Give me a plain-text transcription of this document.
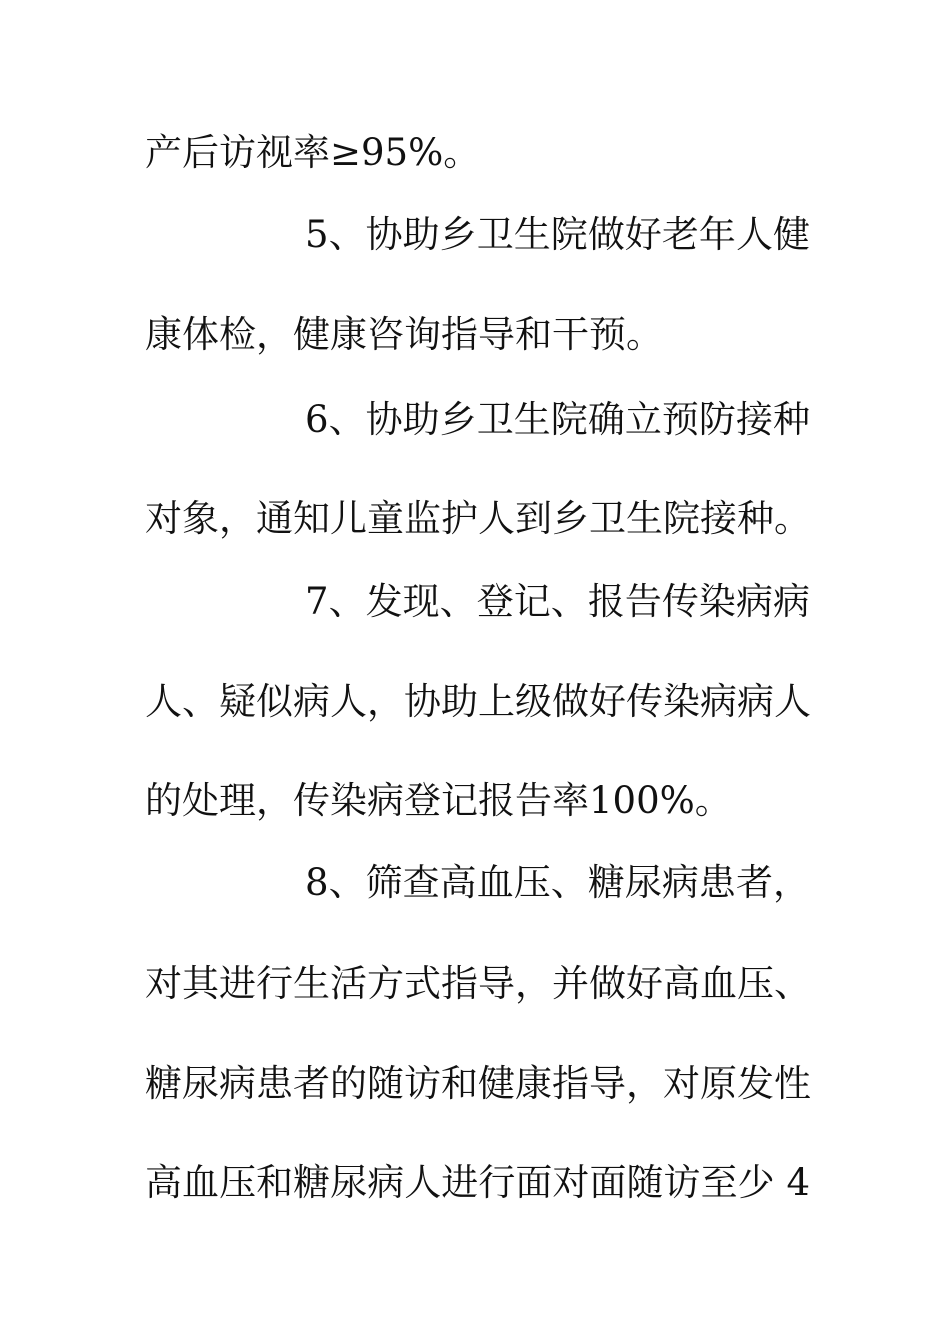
产后访视率≥95%。
5、协助乡卫生院做好老年人健
康体检，健康咨询指导和干预。
6、协助乡卫生院确立预防接种
对象，通知儿童监护人到乡卫生院接种。
7、发现、登记、报告传染病病
人、疑似病人，协助上级做好传染病病人
的处理，传染病登记报告率100%。
8、筛查高血压、糖尿病患者，
对其进行生活方式指导，并做好高血压、
糖尿病患者的随访和健康指导，对原发性
高血压和糖尿病人进行面对面随访至少 4
